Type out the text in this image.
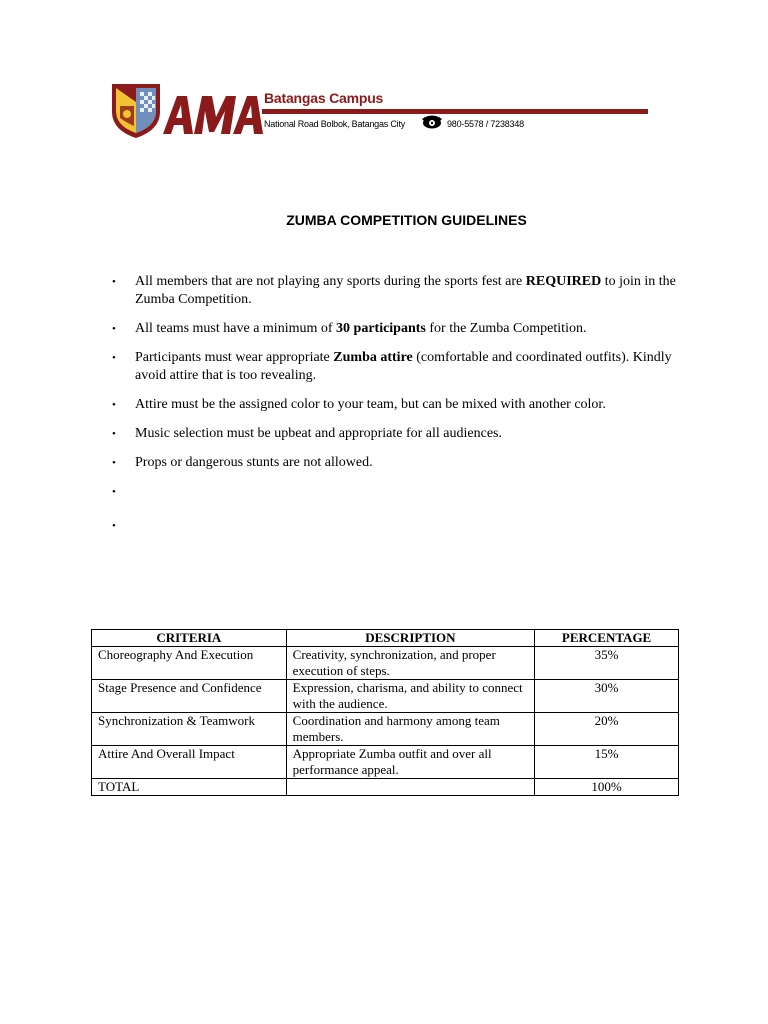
Batangas Campus
National Road Bolbok, Batangas City	980-5578 / 7238348
ZUMBA COMPETITION GUIDELINES
• All members that are not playing any sports during the sports fest are REQUIRED to join in the Zumba Competition.
• All teams must have a minimum of 30 participants for the Zumba Competition.
• Participants must wear appropriate Zumba attire (comfortable and coordinated outfits). Kindly avoid attire that is too revealing.
• Attire must be the assigned color to your team, but can be mixed with another color.
• Music selection must be upbeat and appropriate for all audiences.
• Props or dangerous stunts are not allowed.
•
•
CRITERIA	DESCRIPTION	PERCENTAGE
Choreography And Execution	Creativity, synchronization, and proper execution of steps.	35%
Stage Presence and Confidence	Expression, charisma, and ability to connect with the audience.	30%
Synchronization & Teamwork	Coordination and harmony among team members.	20%
Attire And Overall Impact	Appropriate Zumba outfit and over all performance appeal.	15%
TOTAL		100%
